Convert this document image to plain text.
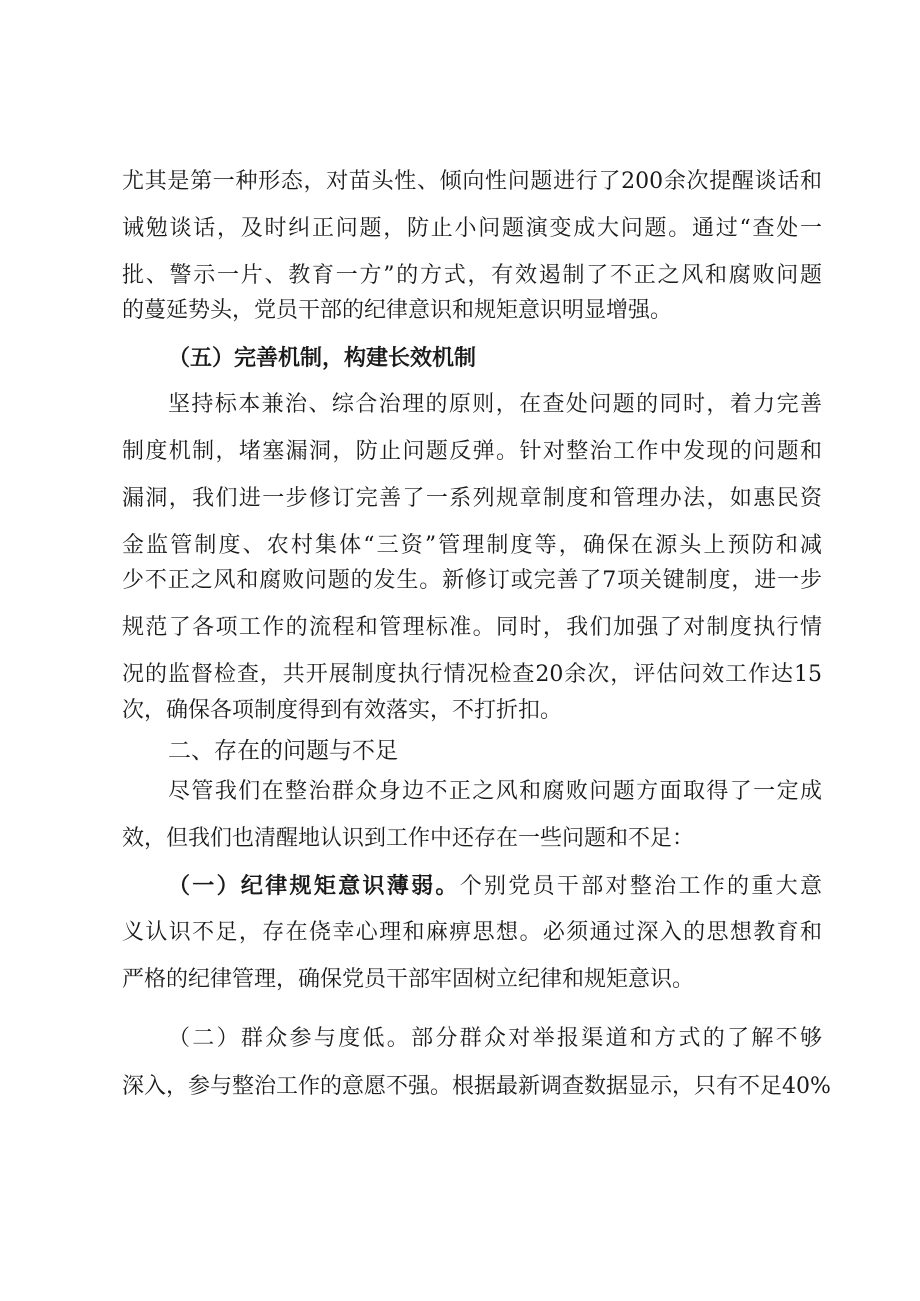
尤其是第一种形态，对苗头性、倾向性问题进行了200余次提醒谈话和
诫勉谈话，及时纠正问题，防止小问题演变成大问题。通过“查处一
批、警示一片、教育一方”的方式，有效遏制了不正之风和腐败问题
的蔓延势头，党员干部的纪律意识和规矩意识明显增强。
（五）完善机制，构建长效机制
坚持标本兼治、综合治理的原则，在查处问题的同时，着力完善
制度机制，堵塞漏洞，防止问题反弹。针对整治工作中发现的问题和
漏洞，我们进一步修订完善了一系列规章制度和管理办法，如惠民资
金监管制度、农村集体“三资”管理制度等，确保在源头上预防和减
少不正之风和腐败问题的发生。新修订或完善了7项关键制度，进一步
规范了各项工作的流程和管理标准。同时，我们加强了对制度执行情
况的监督检查，共开展制度执行情况检查20余次，评估问效工作达15
次，确保各项制度得到有效落实，不打折扣。
二、存在的问题与不足
尽管我们在整治群众身边不正之风和腐败问题方面取得了一定成
效，但我们也清醒地认识到工作中还存在一些问题和不足：
（一）纪律规矩意识薄弱。个别党员干部对整治工作的重大意
义认识不足，存在侥幸心理和麻痹思想。必须通过深入的思想教育和
严格的纪律管理，确保党员干部牢固树立纪律和规矩意识。
（二）群众参与度低。部分群众对举报渠道和方式的了解不够
深入，参与整治工作的意愿不强。根据最新调查数据显示，只有不足40%
